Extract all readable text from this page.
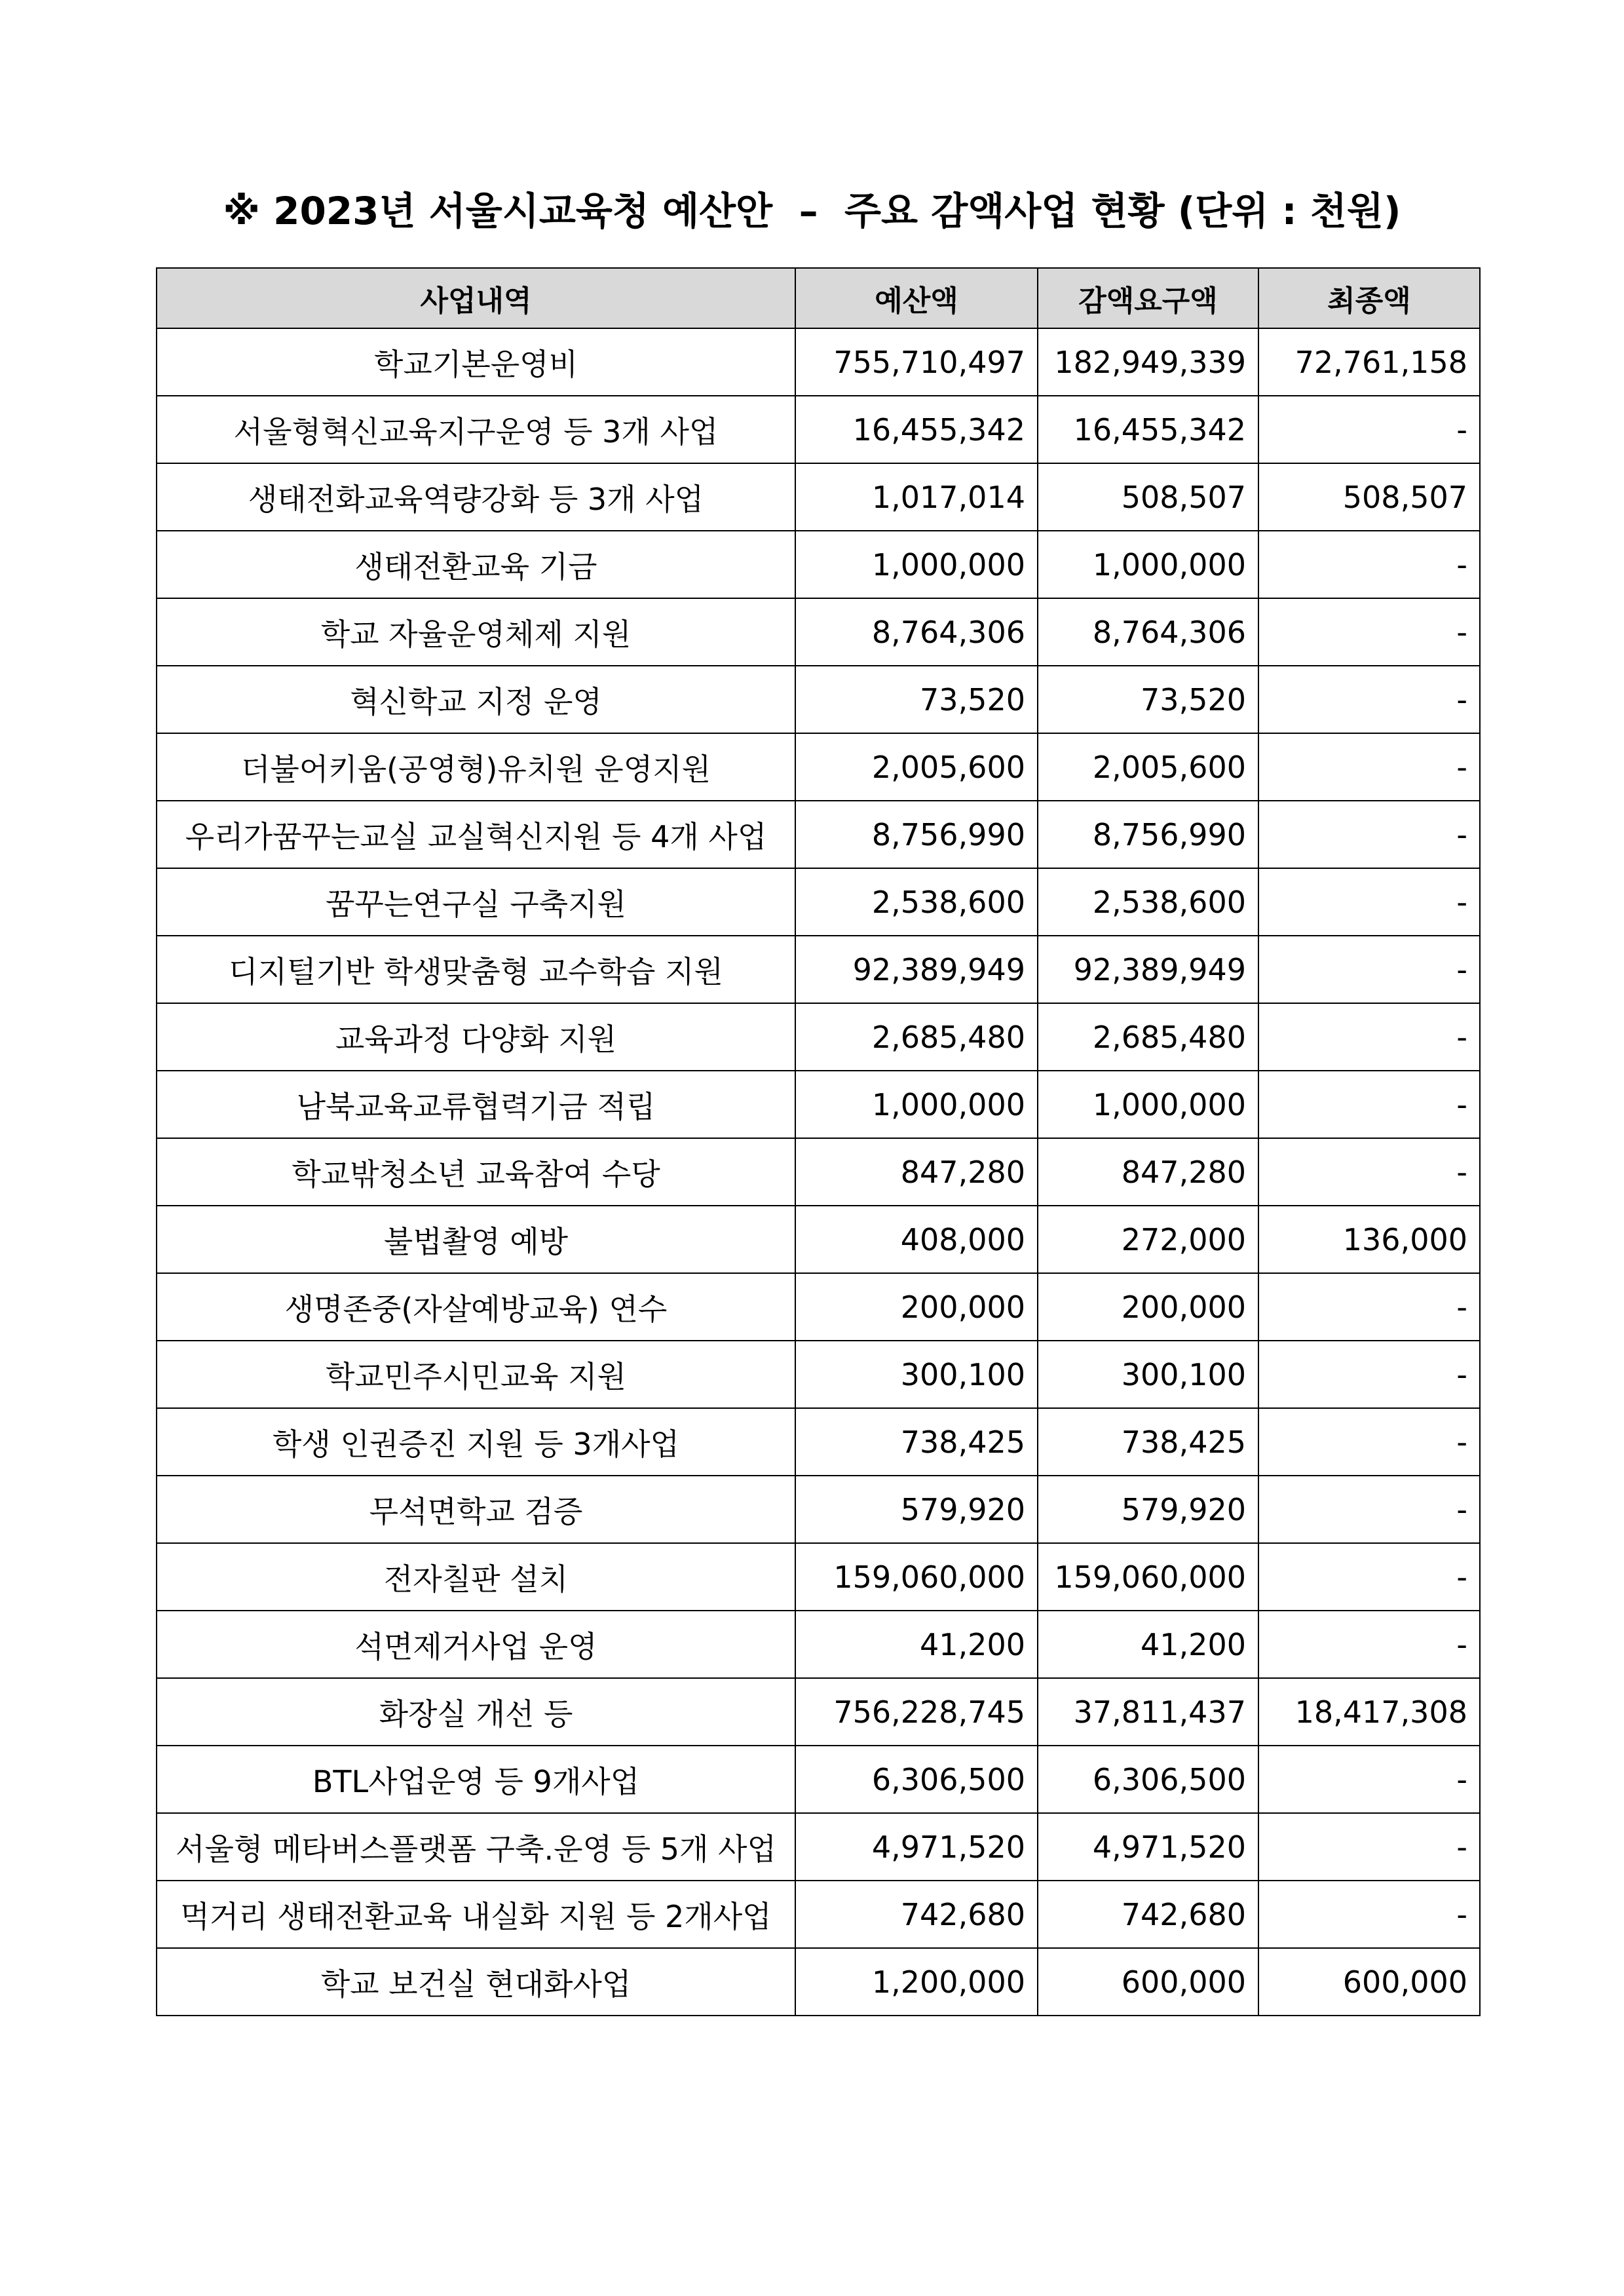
※ 2023년 서울시교육청 예산안  –  주요 감액사업 현황 (단위 : 천원)
사업내역	예산액	감액요구액	최종액
학교기본운영비	755,710,497	182,949,339	72,761,158
서울형혁신교육지구운영 등 3개 사업	16,455,342	16,455,342	-
생태전화교육역량강화 등 3개 사업	1,017,014	508,507	508,507
생태전환교육 기금	1,000,000	1,000,000	-
학교 자율운영체제 지원	8,764,306	8,764,306	-
혁신학교 지정 운영	73,520	73,520	-
더불어키움(공영형)유치원 운영지원	2,005,600	2,005,600	-
우리가꿈꾸는교실 교실혁신지원 등 4개 사업	8,756,990	8,756,990	-
꿈꾸는연구실 구축지원	2,538,600	2,538,600	-
디지털기반 학생맞춤형 교수학습 지원	92,389,949	92,389,949	-
교육과정 다양화 지원	2,685,480	2,685,480	-
남북교육교류협력기금 적립	1,000,000	1,000,000	-
학교밖청소년 교육참여 수당	847,280	847,280	-
불법촬영 예방	408,000	272,000	136,000
생명존중(자살예방교육) 연수	200,000	200,000	-
학교민주시민교육 지원	300,100	300,100	-
학생 인권증진 지원 등 3개사업	738,425	738,425	-
무석면학교 검증	579,920	579,920	-
전자칠판 설치	159,060,000	159,060,000	-
석면제거사업 운영	41,200	41,200	-
화장실 개선 등	756,228,745	37,811,437	18,417,308
BTL사업운영 등 9개사업	6,306,500	6,306,500	-
서울형 메타버스플랫폼 구축.운영 등 5개 사업	4,971,520	4,971,520	-
먹거리 생태전환교육 내실화 지원 등 2개사업	742,680	742,680	-
학교 보건실 현대화사업	1,200,000	600,000	600,000
